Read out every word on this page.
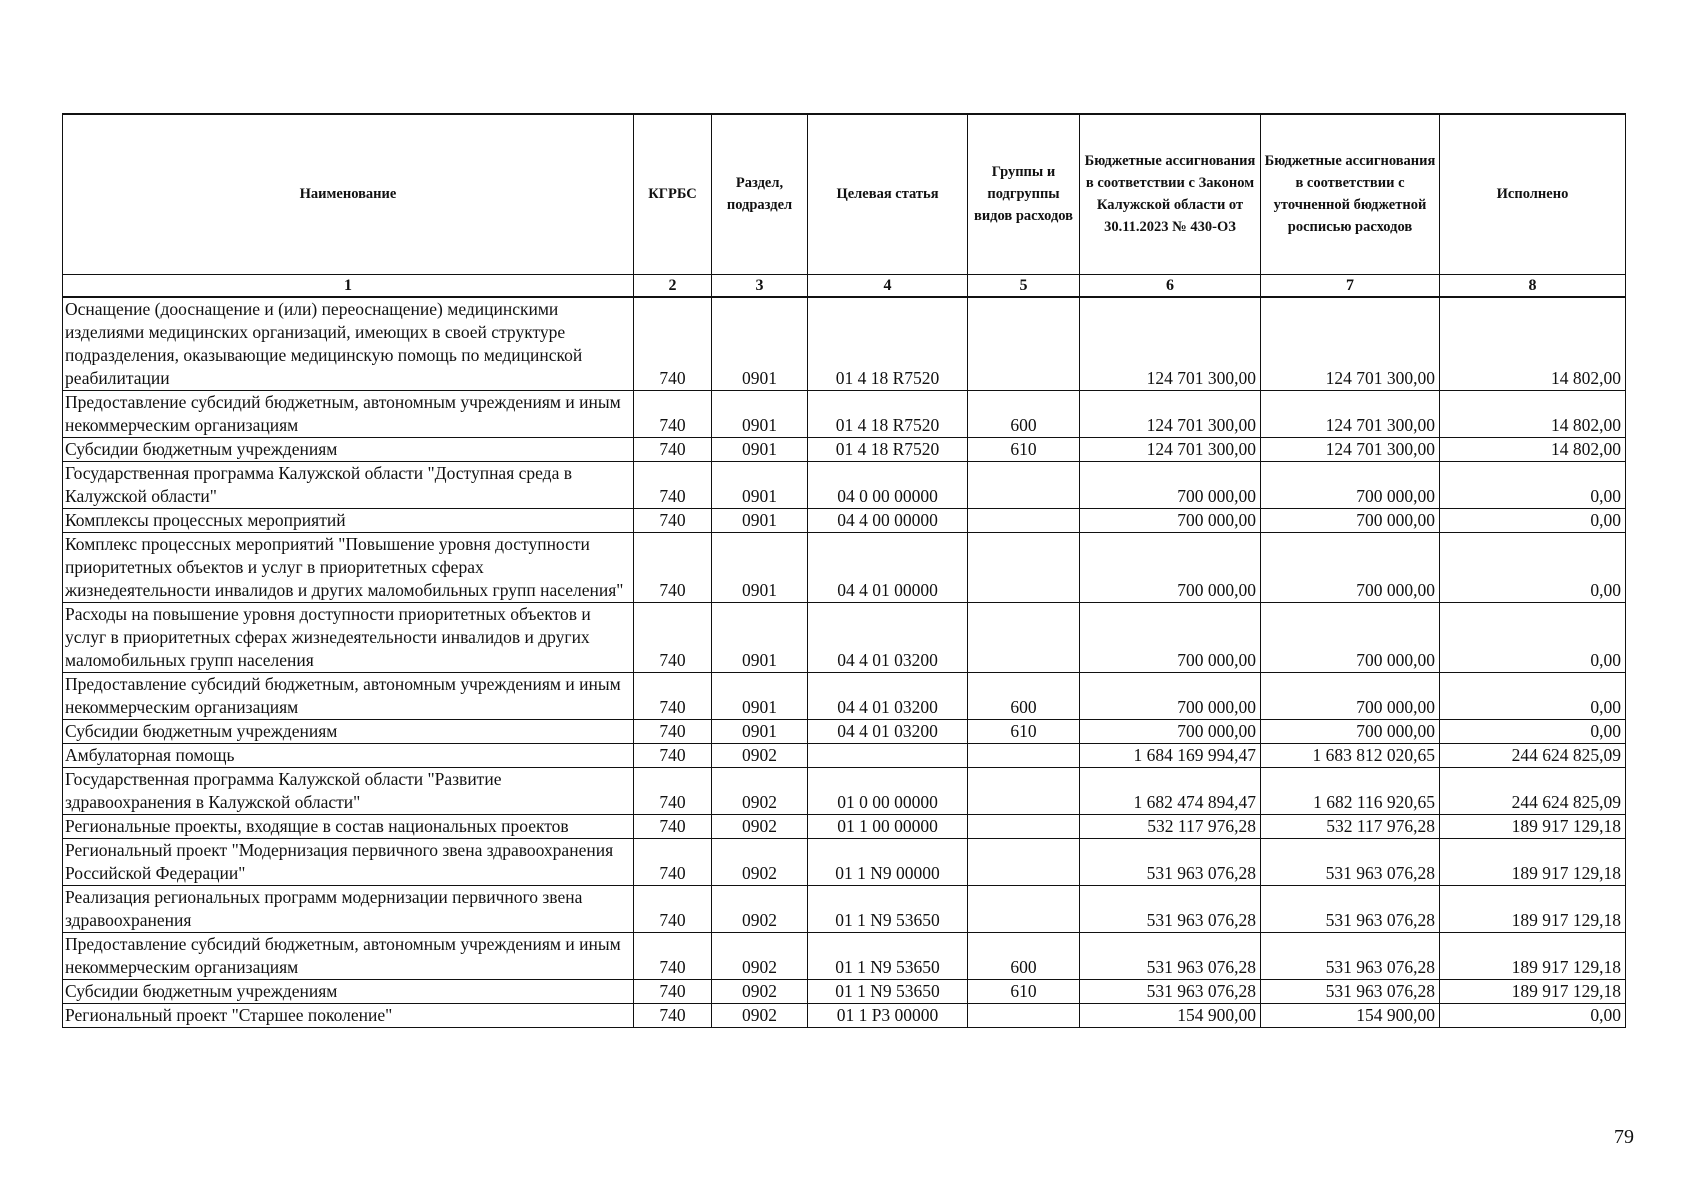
Наименование	КГРБС	Раздел, подраздел	Целевая статья	Группы и подгруппы видов расходов	Бюджетные ассигнования в соответствии с Законом Калужской области от 30.11.2023 № 430-ОЗ	Бюджетные ассигнования в соответствии с уточненной бюджетной росписью расходов	Исполнено
1	2	3	4	5	6	7	8
Оснащение (дооснащение и (или) переоснащение) медицинскими изделиями медицинских организаций, имеющих в своей структуре подразделения, оказывающие медицинскую помощь по медицинской реабилитации	740	0901	01 4 18 R7520		124 701 300,00	124 701 300,00	14 802,00
Предоставление субсидий бюджетным, автономным учреждениям и иным некоммерческим организациям	740	0901	01 4 18 R7520	600	124 701 300,00	124 701 300,00	14 802,00
Субсидии бюджетным учреждениям	740	0901	01 4 18 R7520	610	124 701 300,00	124 701 300,00	14 802,00
Государственная программа Калужской области "Доступная среда в Калужской области"	740	0901	04 0 00 00000		700 000,00	700 000,00	0,00
Комплексы процессных мероприятий	740	0901	04 4 00 00000		700 000,00	700 000,00	0,00
Комплекс процессных мероприятий "Повышение уровня доступности приоритетных объектов и услуг в приоритетных сферах жизнедеятельности инвалидов и других маломобильных групп населения"	740	0901	04 4 01 00000		700 000,00	700 000,00	0,00
Расходы на повышение уровня доступности приоритетных объектов и услуг в приоритетных сферах жизнедеятельности инвалидов и других маломобильных групп населения	740	0901	04 4 01 03200		700 000,00	700 000,00	0,00
Предоставление субсидий бюджетным, автономным учреждениям и иным некоммерческим организациям	740	0901	04 4 01 03200	600	700 000,00	700 000,00	0,00
Субсидии бюджетным учреждениям	740	0901	04 4 01 03200	610	700 000,00	700 000,00	0,00
Амбулаторная помощь	740	0902			1 684 169 994,47	1 683 812 020,65	244 624 825,09
Государственная программа Калужской области "Развитие здравоохранения в Калужской области"	740	0902	01 0 00 00000		1 682 474 894,47	1 682 116 920,65	244 624 825,09
Региональные проекты, входящие в состав национальных проектов	740	0902	01 1 00 00000		532 117 976,28	532 117 976,28	189 917 129,18
Региональный проект "Модернизация первичного звена здравоохранения Российской Федерации"	740	0902	01 1 N9 00000		531 963 076,28	531 963 076,28	189 917 129,18
Реализация региональных программ модернизации первичного звена здравоохранения	740	0902	01 1 N9 53650		531 963 076,28	531 963 076,28	189 917 129,18
Предоставление субсидий бюджетным, автономным учреждениям и иным некоммерческим организациям	740	0902	01 1 N9 53650	600	531 963 076,28	531 963 076,28	189 917 129,18
Субсидии бюджетным учреждениям	740	0902	01 1 N9 53650	610	531 963 076,28	531 963 076,28	189 917 129,18
Региональный проект "Старшее поколение"	740	0902	01 1 P3 00000		154 900,00	154 900,00	0,00
79
